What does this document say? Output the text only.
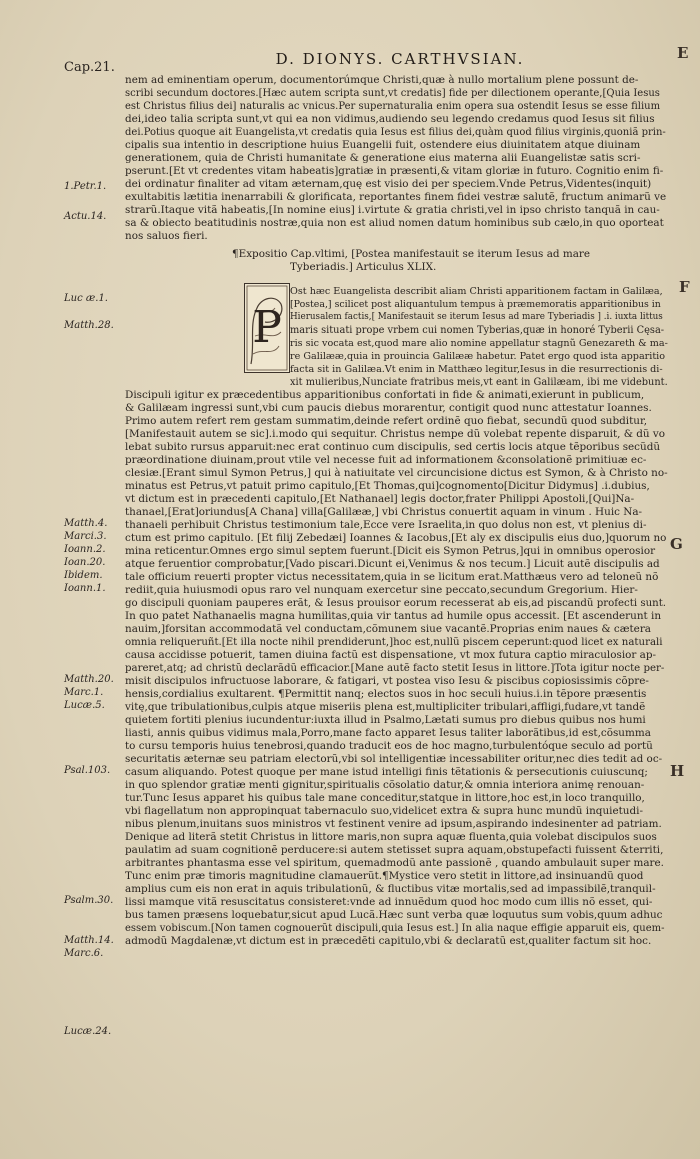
D. DIONYS. CARTHVSIAN.
Cap.21.
E
F
G
H
1.Petr.1.
Actu.14.
Luc æ.1.
Matth.28.
Matth.4.
Marci.3.
Ioann.2.
Ioan.20.
Ibidem.
Ioann.1.
Matth.20.
Marc.1.
Lucæ.5.
Psal.103.
Psalm.30.
Matth.14.
Marc.6.
Lucæ.24.
P
nem ad eminentiam operum, documentorúmque Christi,quæ à nullo mortalium plene possunt de-
scribi secundum doctores.[Hæc autem scripta sunt,vt credatis] fide per dilectionem operante,[Quia Iesus
est Christus filius dei] naturalis ac vnicus.Per supernaturalia enim opera sua ostendit Iesus se esse filium
dei,ideo talia scripta sunt,vt qui ea non vidimus,audiendo seu legendo credamus quod Iesus sit filius
dei.Potius quoque ait Euangelista,vt credatis quia Iesus est filius dei,quàm quod filius virginis,quoniã prin-
cipalis sua intentio in descriptione huius Euangelii fuit, ostendere eius diuinitatem atque diuinam
generationem, quia de Christi humanitate & generatione eius materna alii Euangelistæ satis scri-
pserunt.[Et vt credentes vitam habeatis]gratiæ in præsenti,& vitam gloriæ in futuro. Cognitio enim fi-
dei ordinatur finaliter ad vitam æternam,quę est visio dei per speciem.Vnde Petrus,Videntes(inquit)
exultabitis lætitia inenarrabili & glorificata, reportantes finem fidei vestræ salutẽ, fructum animarũ ve
strarũ.Itaque vitã habeatis,[In nomine eius] i.virtute & gratia christi,vel in ipso christo tanquã in cau-
sa & obiecto beatitudinis nostræ,quia non est aliud nomen datum hominibus sub cælo,in quo oporteat
nos saluos fieri.
¶Expositio Cap.vltimi, [Postea manifestauit se iterum Iesus ad mare
Tyberiadis.] Articulus XLIX.
Ost hæc Euangelista describit aliam Christi apparitionem factam in Galilæa,
[Postea,] scilicet post aliquantulum tempus à præmemoratis apparitionibus in
Hierusalem factis,[ Manifestauit se iterum Iesus ad mare Tyberiadis ] .i. iuxta littus
maris situati prope vrbem cui nomen Tyberias,quæ in honoré Tyberii Cęsa-
ris sic vocata est,quod mare alio nomine appellatur stagnũ Genezareth & ma-
re Galilææ,quia in prouincia Galilææ habetur. Patet ergo quod ista apparitio
facta sit in Galilæa.Vt enim in Matthæo legitur,Iesus in die resurrectionis di-
xit mulieribus,Nunciate fratribus meis,vt eant in Galilæam, ibi me videbunt.
Discipuli igitur ex præcedentibus apparitionibus confortati in fide & animati,exierunt in publicum,
& Galilæam ingressi sunt,vbi cum paucis diebus morarentur, contigit quod nunc attestatur Ioannes.
Primo autem refert rem gestam summatim,deinde refert ordinẽ quo fiebat, secundũ quod subditur,
[Manifestauit autem se sic].i.modo qui sequitur. Christus nempe dũ volebat repente disparuit, & dũ vo
lebat subito rursus apparuit:nec erat continuo cum discipulis, sed certis locis atque tẽporibus secũdũ
præordinatione diuinam,prout vtile vel necesse fuit ad informationem &consolationẽ primitiuæ ec-
clesiæ.[Erant simul Symon Petrus,] qui à natiuitate vel circuncisione dictus est Symon, & à Christo no-
minatus est Petrus,vt patuit primo capitulo,[Et Thomas,qui]cognomento[Dicitur Didymus] .i.dubius,
vt dictum est in præcedenti capitulo,[Et Nathanael] legis doctor,frater Philippi Apostoli,[Qui]Na-
thanael,[Erat]oriundus[A Chana] villa[Galilææ,] vbi Christus conuertit aquam in vinum . Huic Na-
thanaeli perhibuit Christus testimonium tale,Ecce vere Israelita,in quo dolus non est, vt plenius di-
ctum est primo capitulo. [Et filij Zebedæi] Ioannes & Iacobus,[Et aly ex discipulis eius duo,]quorum no
mina reticentur.Omnes ergo simul septem fuerunt.[Dicit eis Symon Petrus,]qui in omnibus operosior
atque feruentior comprobatur,[Vado piscari.Dicunt ei,Venimus & nos tecum.] Licuit autẽ discipulis ad
tale officium reuerti propter victus necessitatem,quia in se licitum erat.Matthæus vero ad teloneũ nõ
rediit,quia huiusmodi opus raro vel nunquam exercetur sine peccato,secundum Gregorium. Hier-
go discipuli quoniam pauperes erãt, & Iesus prouisor eorum recesserat ab eis,ad piscandũ profecti sunt.
In quo patet Nathanaelis magna humilitas,quia vir tantus ad humile opus accessit. [Et ascenderunt in
nauim,]forsitan accommodatã vel conductam,cõmunem siue vacantẽ.Proprias enim naues & cætera
omnia reliqueruñt.[Et illa nocte nihil prendiderunt,]hoc est,nullũ piscem ceperunt:quod licet ex naturali
causa accidisse potuerit, tamen diuina factũ est dispensatione, vt mox futura captio miraculosior ap-
pareret,atq; ad christũ declarãdũ efficacior.[Mane autẽ facto stetit Iesus in littore.]Tota igitur nocte per-
misit discipulos infructuose laborare, & fatigari, vt postea viso Iesu & piscibus copiosissimis cõpre-
hensis,cordialius exultarent. ¶Permittit nanq; electos suos in hoc seculi huius.i.in tẽpore præsentis
vitę,que tribulationibus,culpis atque miseriis plena est,multipliciter tribulari,affligi,fudare,vt tandẽ
quietem fortiti plenius iucundentur:iuxta illud in Psalmo,Lætati sumus pro diebus quibus nos humi
liasti, annis quibus vidimus mala,Porro,mane facto apparet Iesus taliter laborãtibus,id est,cõsumma
to cursu temporis huius tenebrosi,quando traducit eos de hoc magno,turbulentóque seculo ad portũ
securitatis æternæ seu patriam electorũ,vbi sol intelligentiæ incessabiliter oritur,nec dies tedit ad oc-
casum aliquando. Potest quoque per mane istud intelligi finis tẽtationis & persecutionis cuiuscunq;
in quo splendor gratiæ menti gignitur,spiritualis cõsolatio datur,& omnia interiora animę renouan-
tur.Tunc Iesus apparet his quibus tale mane conceditur,statque in littore,hoc est,in loco tranquillo,
vbi flagellatum non appropinquat tabernaculo suo,videlicet extra & supra hunc mundũ inquietudi-
nibus plenum,inuitans suos ministros vt festinent venire ad ipsum,aspirando indesinenter ad patriam.
Denique ad literã stetit Christus in littore maris,non supra aquæ fluenta,quia volebat discipulos suos
paulatim ad suam cognitionẽ perducere:si autem stetisset supra aquam,obstupefacti fuissent &territi,
arbitrantes phantasma esse vel spiritum, quemadmodũ ante passionẽ , quando ambulauit super mare.
Tunc enim præ timoris magnitudine clamauerũt.¶Mystice vero stetit in littore,ad insinuandũ quod
amplius cum eis non erat in aquis tribulationũ, & fluctibus vitæ mortalis,sed ad impassibilẽ,tranquil-
lissi mamque vitã resuscitatus consisteret:vnde ad innuẽdum quod hoc modo cum illis nõ esset, qui-
bus tamen præsens loquebatur,sicut apud Lucã.Hæc sunt verba quæ loquutus sum vobis,quum adhuc
essem vobiscum.[Non tamen cognouerũt discipuli,quia Iesus est.] In alia naque effigie apparuit eis, quem-
admodũ Magdalenæ,vt dictum est in præcedẽti capitulo,vbi & declaratũ est,qualiter factum sit hoc.
